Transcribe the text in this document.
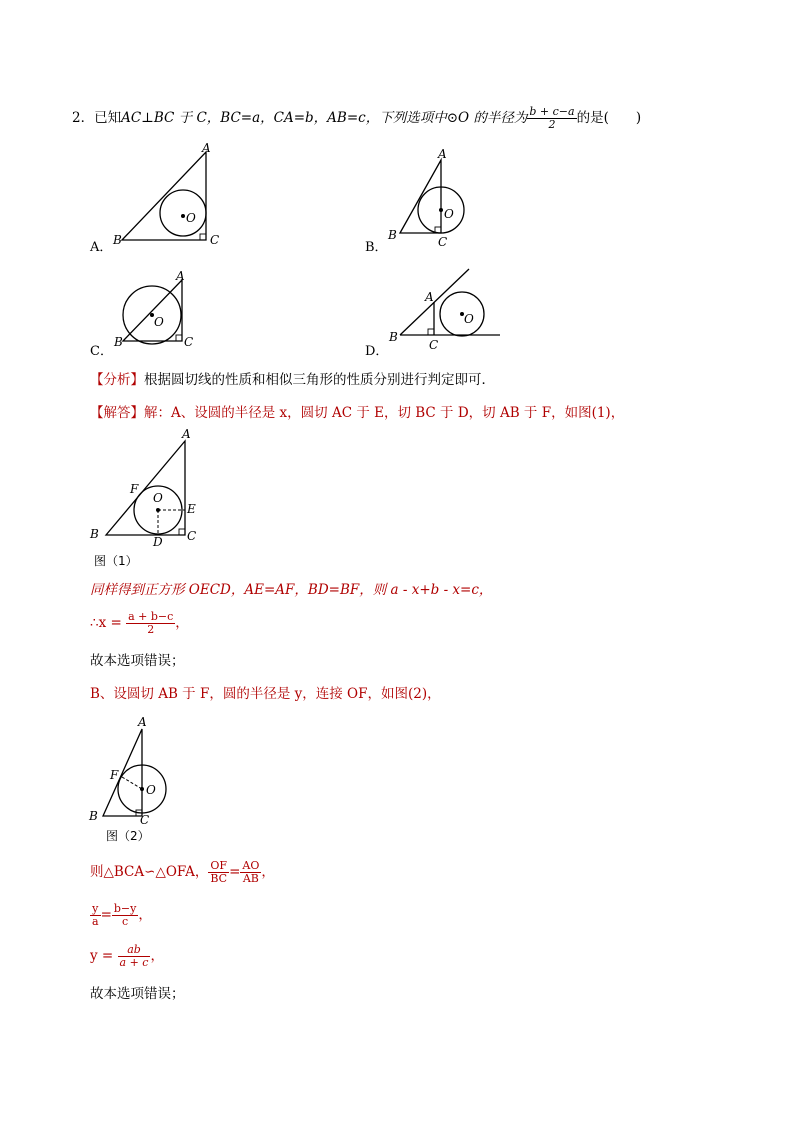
2．已知AC⊥BC 于 C，BC=a，CA=b，AB=c，下列选项中⊙O 的半径为 $\frac{b + c-a}{2}$ 的是(　　)
A．
O
A
B	C	B．
O
A
B	C
C．
O
A
B	C
D．
O
A
B
C
【分析】根据圆切线的性质和相似三角形的性质分别进行判定即可．
【解答】解：A、设圆的半径是 x，圆切 AC 于 E，切 BC 于 D，切 AB 于 F，如图(1)，
O
A
B	C
D
E
F
图（1）
同样得到正方形 OECD，AE=AF，BD=BF，则 a - x+b - x=c，
∴x = $\frac{a + b-c}{2}$ ，
故本选项错误；
B、设圆切 AB 于 F，圆的半径是 y，连接 OF，如图(2)，
O
A
B	C
F
图（2）
则△BCA∽△OFA， $\frac{OF}{BC} = \frac{AO}{AB}$ ，
$\frac{y}{a} = \frac{b-y}{c}$ ，
$y = \frac{ab}{a + c}$ ，
故本选项错误；
